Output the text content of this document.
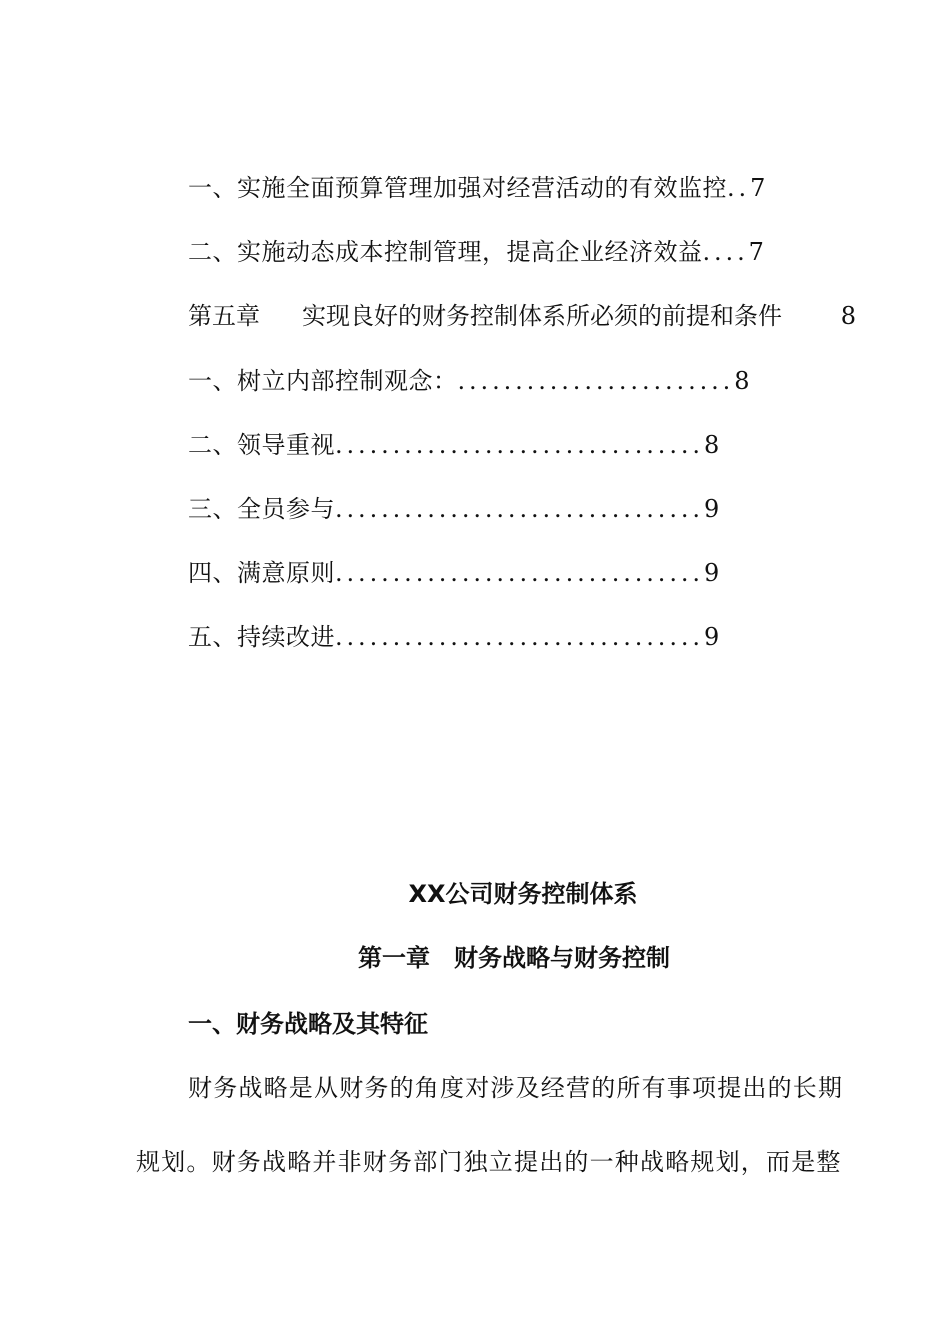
一、实施全面预算管理加强对经营活动的有效监控..7
二、实施动态成本控制管理，提高企业经济效益....7
第五章 实现良好的财务控制体系所必须的前提和条件 8
一、树立内部控制观念：........................8
二、领导重视................................8
三、全员参与................................9
四、满意原则................................9
五、持续改进................................9
XX公司财务控制体系
第一章 财务战略与财务控制
一、财务战略及其特征
财务战略是从财务的角度对涉及经营的所有事项提出的长期
规划。财务战略并非财务部门独立提出的一种战略规划，而是整
